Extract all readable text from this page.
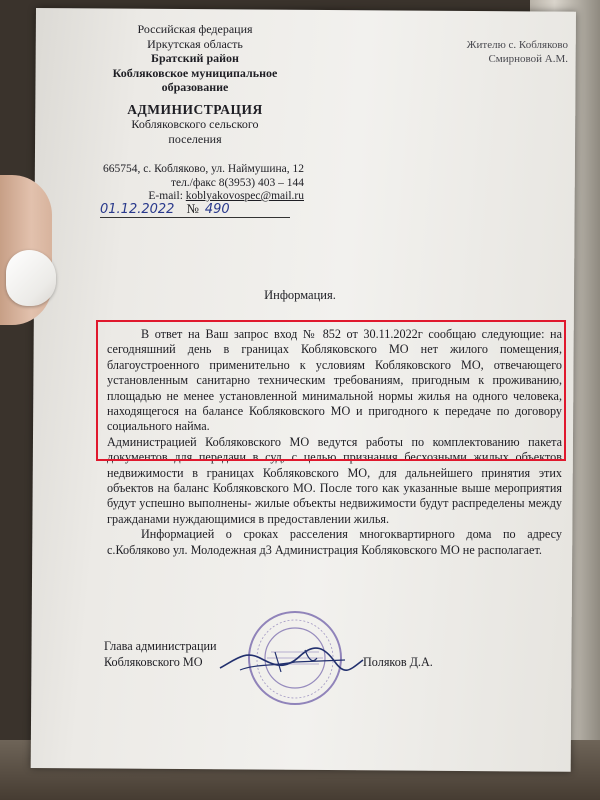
Российская федерация
Иркутская область
Братский район
Кобляковское муниципальное
образование
АДМИНИСТРАЦИЯ
Кобляковского сельского
поселения
665754, с. Кобляково, ул. Наймушина, 12
тел./факс 8(3953) 403 – 144
E-mail: koblyakovospec@mail.ru
01.12.2022 № 490
Жителю с. Кобляково
Смирновой А.М.
Информация.

В ответ на Ваш запрос вход № 852 от 30.11.2022г сообщаю следующие: на сегодняшний день в границах Кобляковского МО нет жилого помещения, благоустроенного применительно к условиям Кобляковского МО, отвечающего установленным санитарно техническим требованиям, пригодным к проживанию, площадью не менее установленной минимальной нормы жилья на одного человека, находящегося на балансе Кобляковского МО и пригодного к передаче по договору социального найма.

Администрацией Кобляковского МО ведутся работы по комплектованию пакета документов для передачи в суд, с целью признания бесхозными жилых объектов недвижимости в границах Кобляковского МО, для дальнейшего принятия этих объектов на баланс Кобляковского МО. После того как указанные выше мероприятия будут успешно выполнены- жилые объекты недвижимости будут распределены между гражданами нуждающимися в предоставлении жилья.

Информацией о сроках расселения многоквартирного дома по адресу с.Кобляково ул. Молодежная д3 Администрация Кобляковского МО не располагает.

Глава администрации
Кобляковского МО	Поляков Д.А.
